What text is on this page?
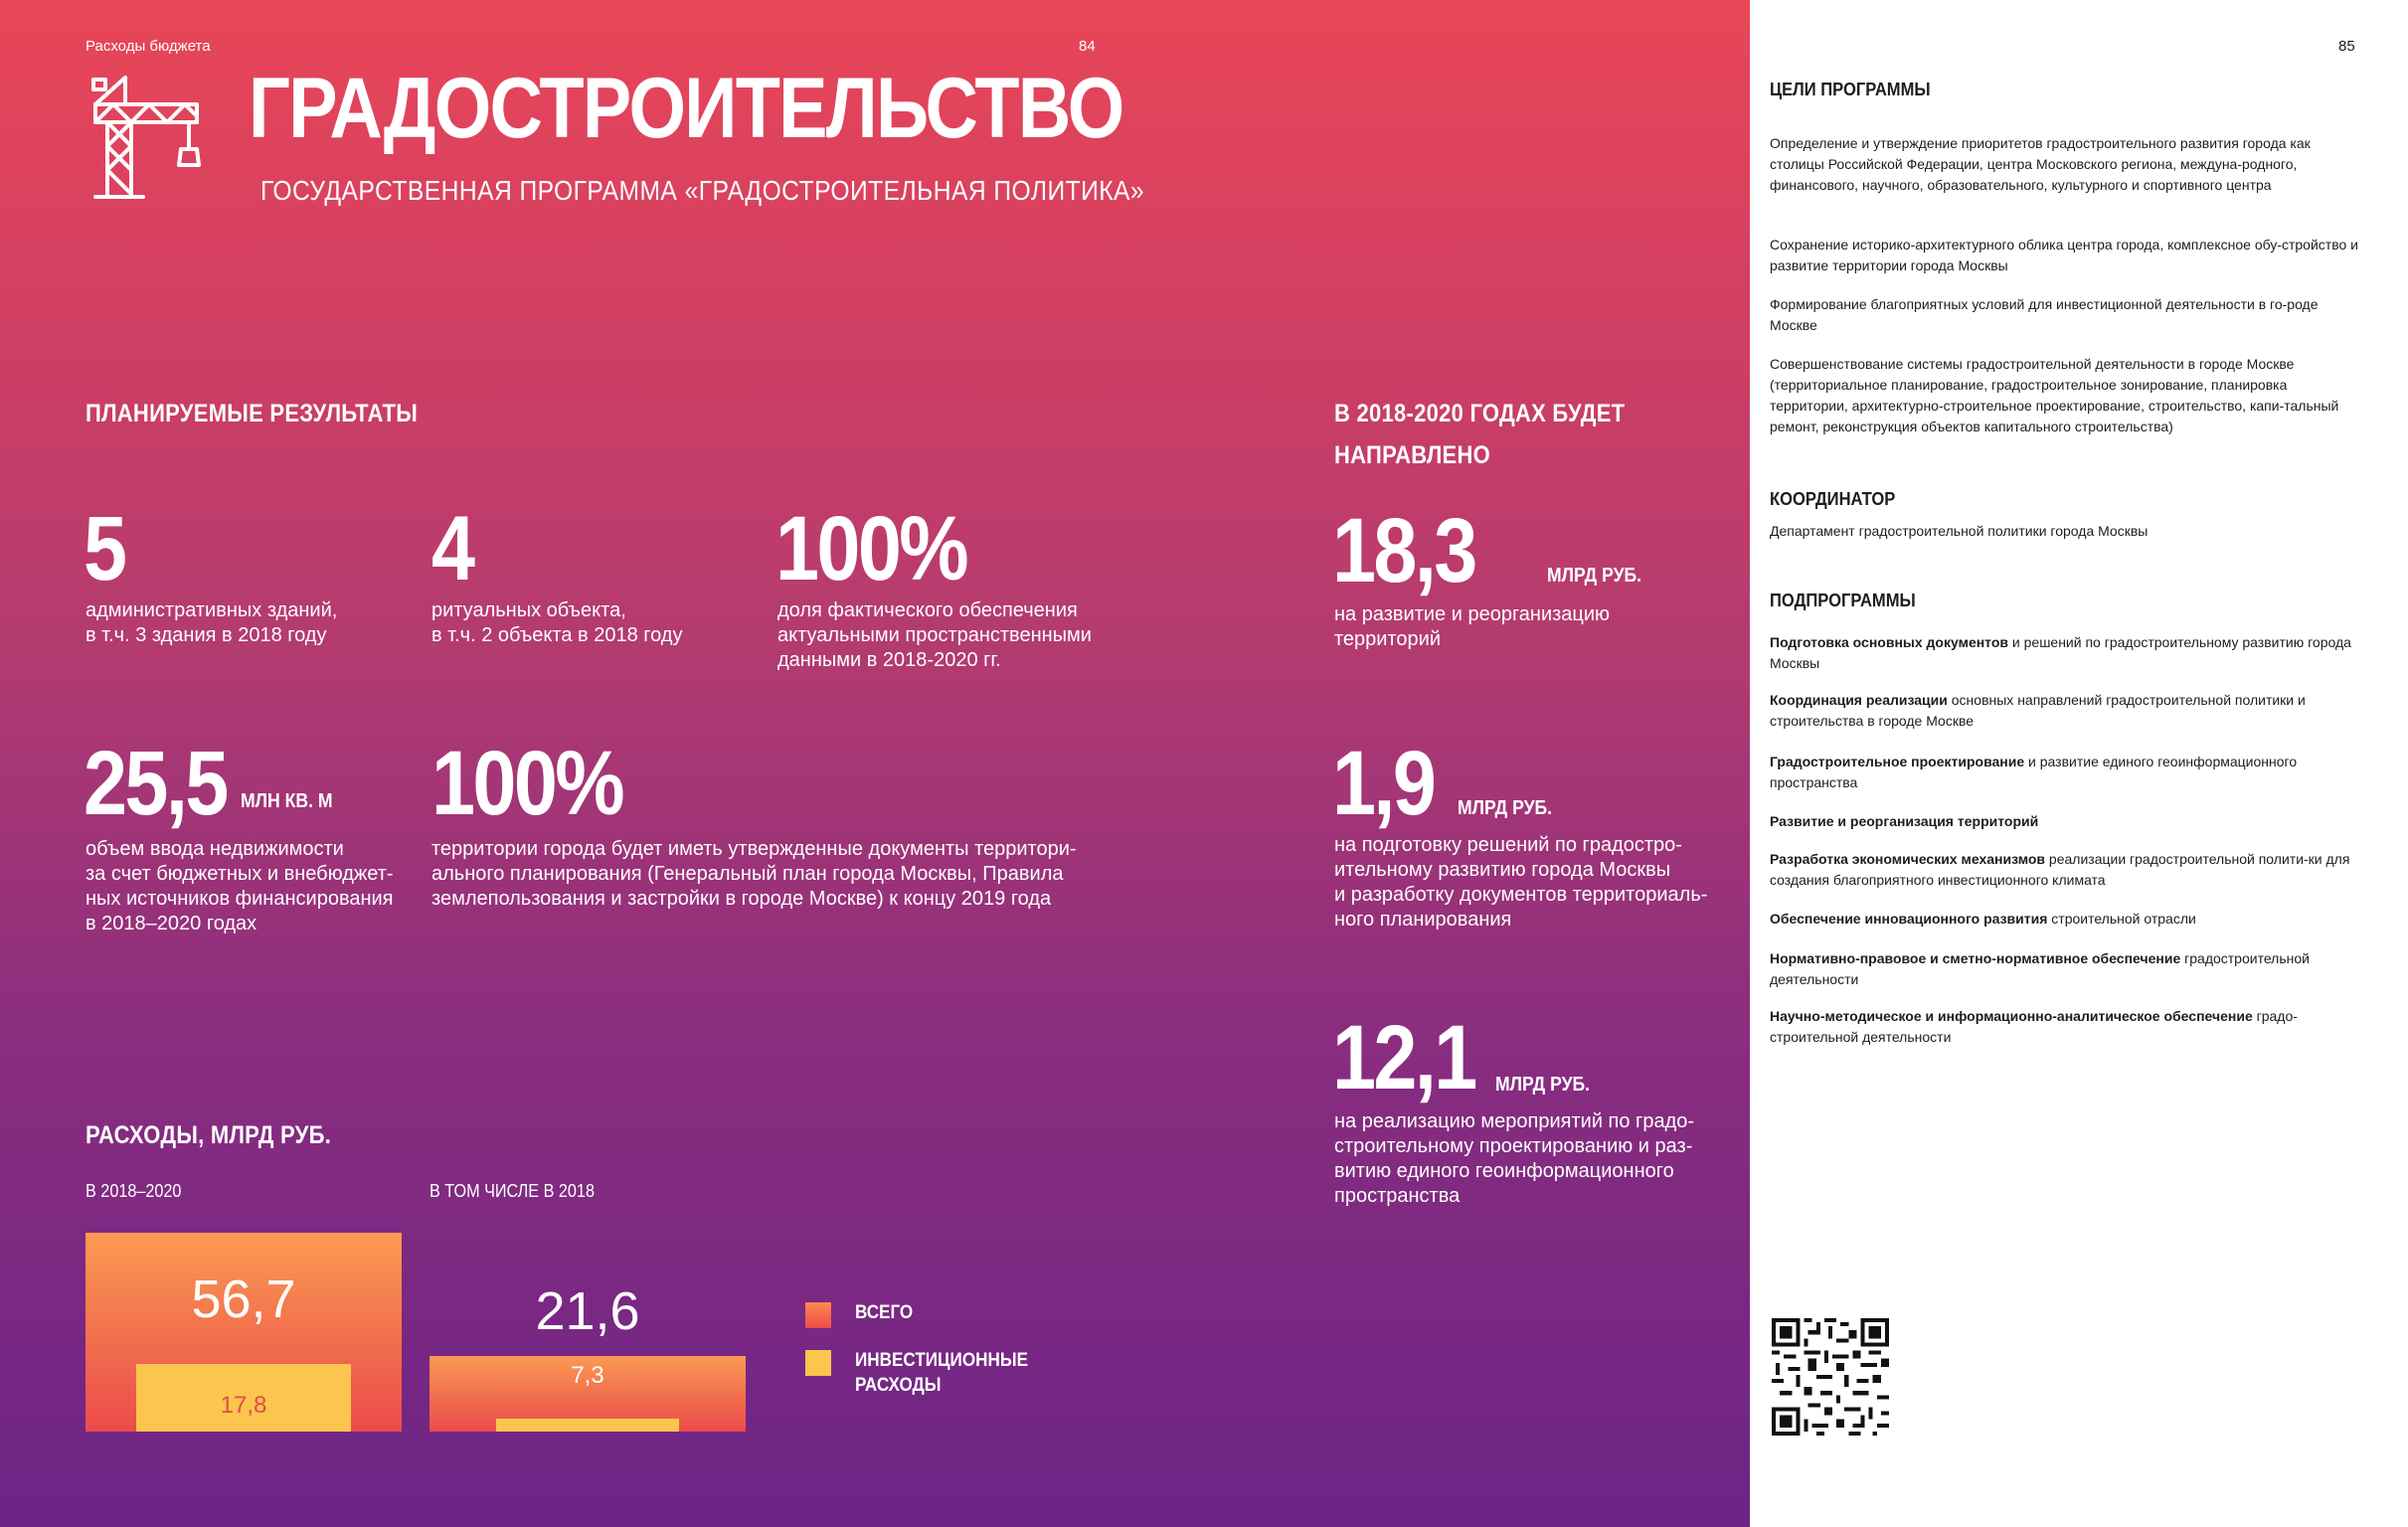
Расходы бюджета	84
ГРАДОСТРОИТЕЛЬСТВО
ГОСУДАРСТВЕННАЯ ПРОГРАММА «ГРАДОСТРОИТЕЛЬНАЯ ПОЛИТИКА»
ПЛАНИРУЕМЫЕ РЕЗУЛЬТАТЫ
5
административных зданий,
в т.ч. 3 здания в 2018 году
4
ритуальных объекта,
в т.ч. 2 объекта в 2018 году
100%
доля фактического обеспечения
актуальными пространственными
данными в 2018-2020 гг.
25,5 МЛН КВ. М
объем ввода недвижимости
за счет бюджетных и внебюджет-
ных источников финансирования
в 2018–2020 годах
100%
территории города будет иметь утвержденные документы территори-
ального планирования (Генеральный план города Москвы, Правила
землепользования и застройки в городе Москве) к концу 2019 года
В 2018-2020 ГОДАХ БУДЕТ
НАПРАВЛЕНО
18,3	МЛРД РУБ.
на развитие и реорганизацию
территорий
1,9 МЛРД РУБ.
на подготовку решений по градостро-
ительному развитию города Москвы
и разработку документов территориаль-
ного планирования
12,1 МЛРД РУБ.
на реализацию мероприятий по градо-
строительному проектированию и раз-
витию единого геоинформационного
пространства
РАСХОДЫ, МЛРД РУБ.
В 2018–2020
56,7
17,8
В ТОМ ЧИСЛЕ В 2018
21,6
7,3
ВСЕГО
ИНВЕСТИЦИОННЫЕ
РАСХОДЫ
85
ЦЕЛИ ПРОГРАММЫ
Определение и утверждение приоритетов градостроительного развития города как столицы Российской Федерации, центра Московского региона, междуна-родного, финансового, научного, образовательного, культурного и спортивного центра
Сохранение историко-архитектурного облика центра города, комплексное обу-стройство и развитие территории города Москвы
Формирование благоприятных условий для инвестиционной деятельности в го-роде Москве
Совершенствование системы градостроительной деятельности в городе Москве (территориальное планирование, градостроительное зонирование, планировка территории, архитектурно-строительное проектирование, строительство, капи-тальный ремонт, реконструкция объектов капитального строительства)
КООРДИНАТОР
Департамент градостроительной политики города Москвы
ПОДПРОГРАММЫ
Подготовка основных документов и решений по градостроительному развитию города Москвы
Координация реализации основных направлений градостроительной политики и строительства в городе Москве
Градостроительное проектирование и развитие единого геоинформационного пространства
Развитие и реорганизация территорий
Разработка экономических механизмов реализации градостроительной полити-ки для создания благоприятного инвестиционного климата
Обеспечение инновационного развития строительной отрасли
Нормативно-правовое и сметно-нормативное обеспечение градостроительной деятельности
Научно-методическое и информационно-аналитическое обеспечение градо-строительной деятельности
